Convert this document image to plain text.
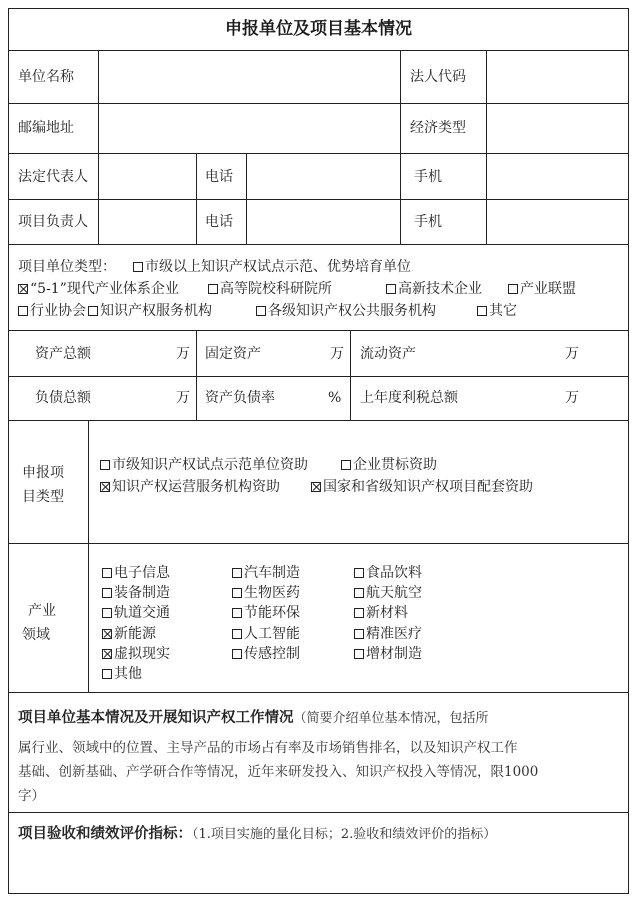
申报单位及项目基本情况
单位名称	法人代码
邮编地址	经济类型
法定代表人	电话	手机
项目负责人	电话	手机
项目单位类型：	市级以上知识产权试点示范、优势培育单位
“5-1”现代产业体系企业	高等院校科研院所	高新技术企业	产业联盟
行业协会	知识产权服务机构	各级知识产权公共服务机构	其它
资产总额	万 固定资产	万 流动资产	万
负债总额	万 资产负债率	% 上年度利税总额	万
申报项
目类型
市级知识产权试点示范单位资助	企业贯标资助
知识产权运营服务机构资助	国家和省级知识产权项目配套资助
产业
领域
电子信息	汽车制造	食品饮料
装备制造	生物医药	航天航空
轨道交通	节能环保	新材料
新能源	人工智能	精准医疗
虚拟现实	传感控制	增材制造
其他
项目单位基本情况及开展知识产权工作情况（简要介绍单位基本情况，包括所
属行业、领域中的位置、主导产品的市场占有率及市场销售排名，以及知识产权工作
基础、创新基础、产学研合作等情况，近年来研发投入、知识产权投入等情况，限1000
字）
项目验收和绩效评价指标：（1.项目实施的量化目标；2.验收和绩效评价的指标）
